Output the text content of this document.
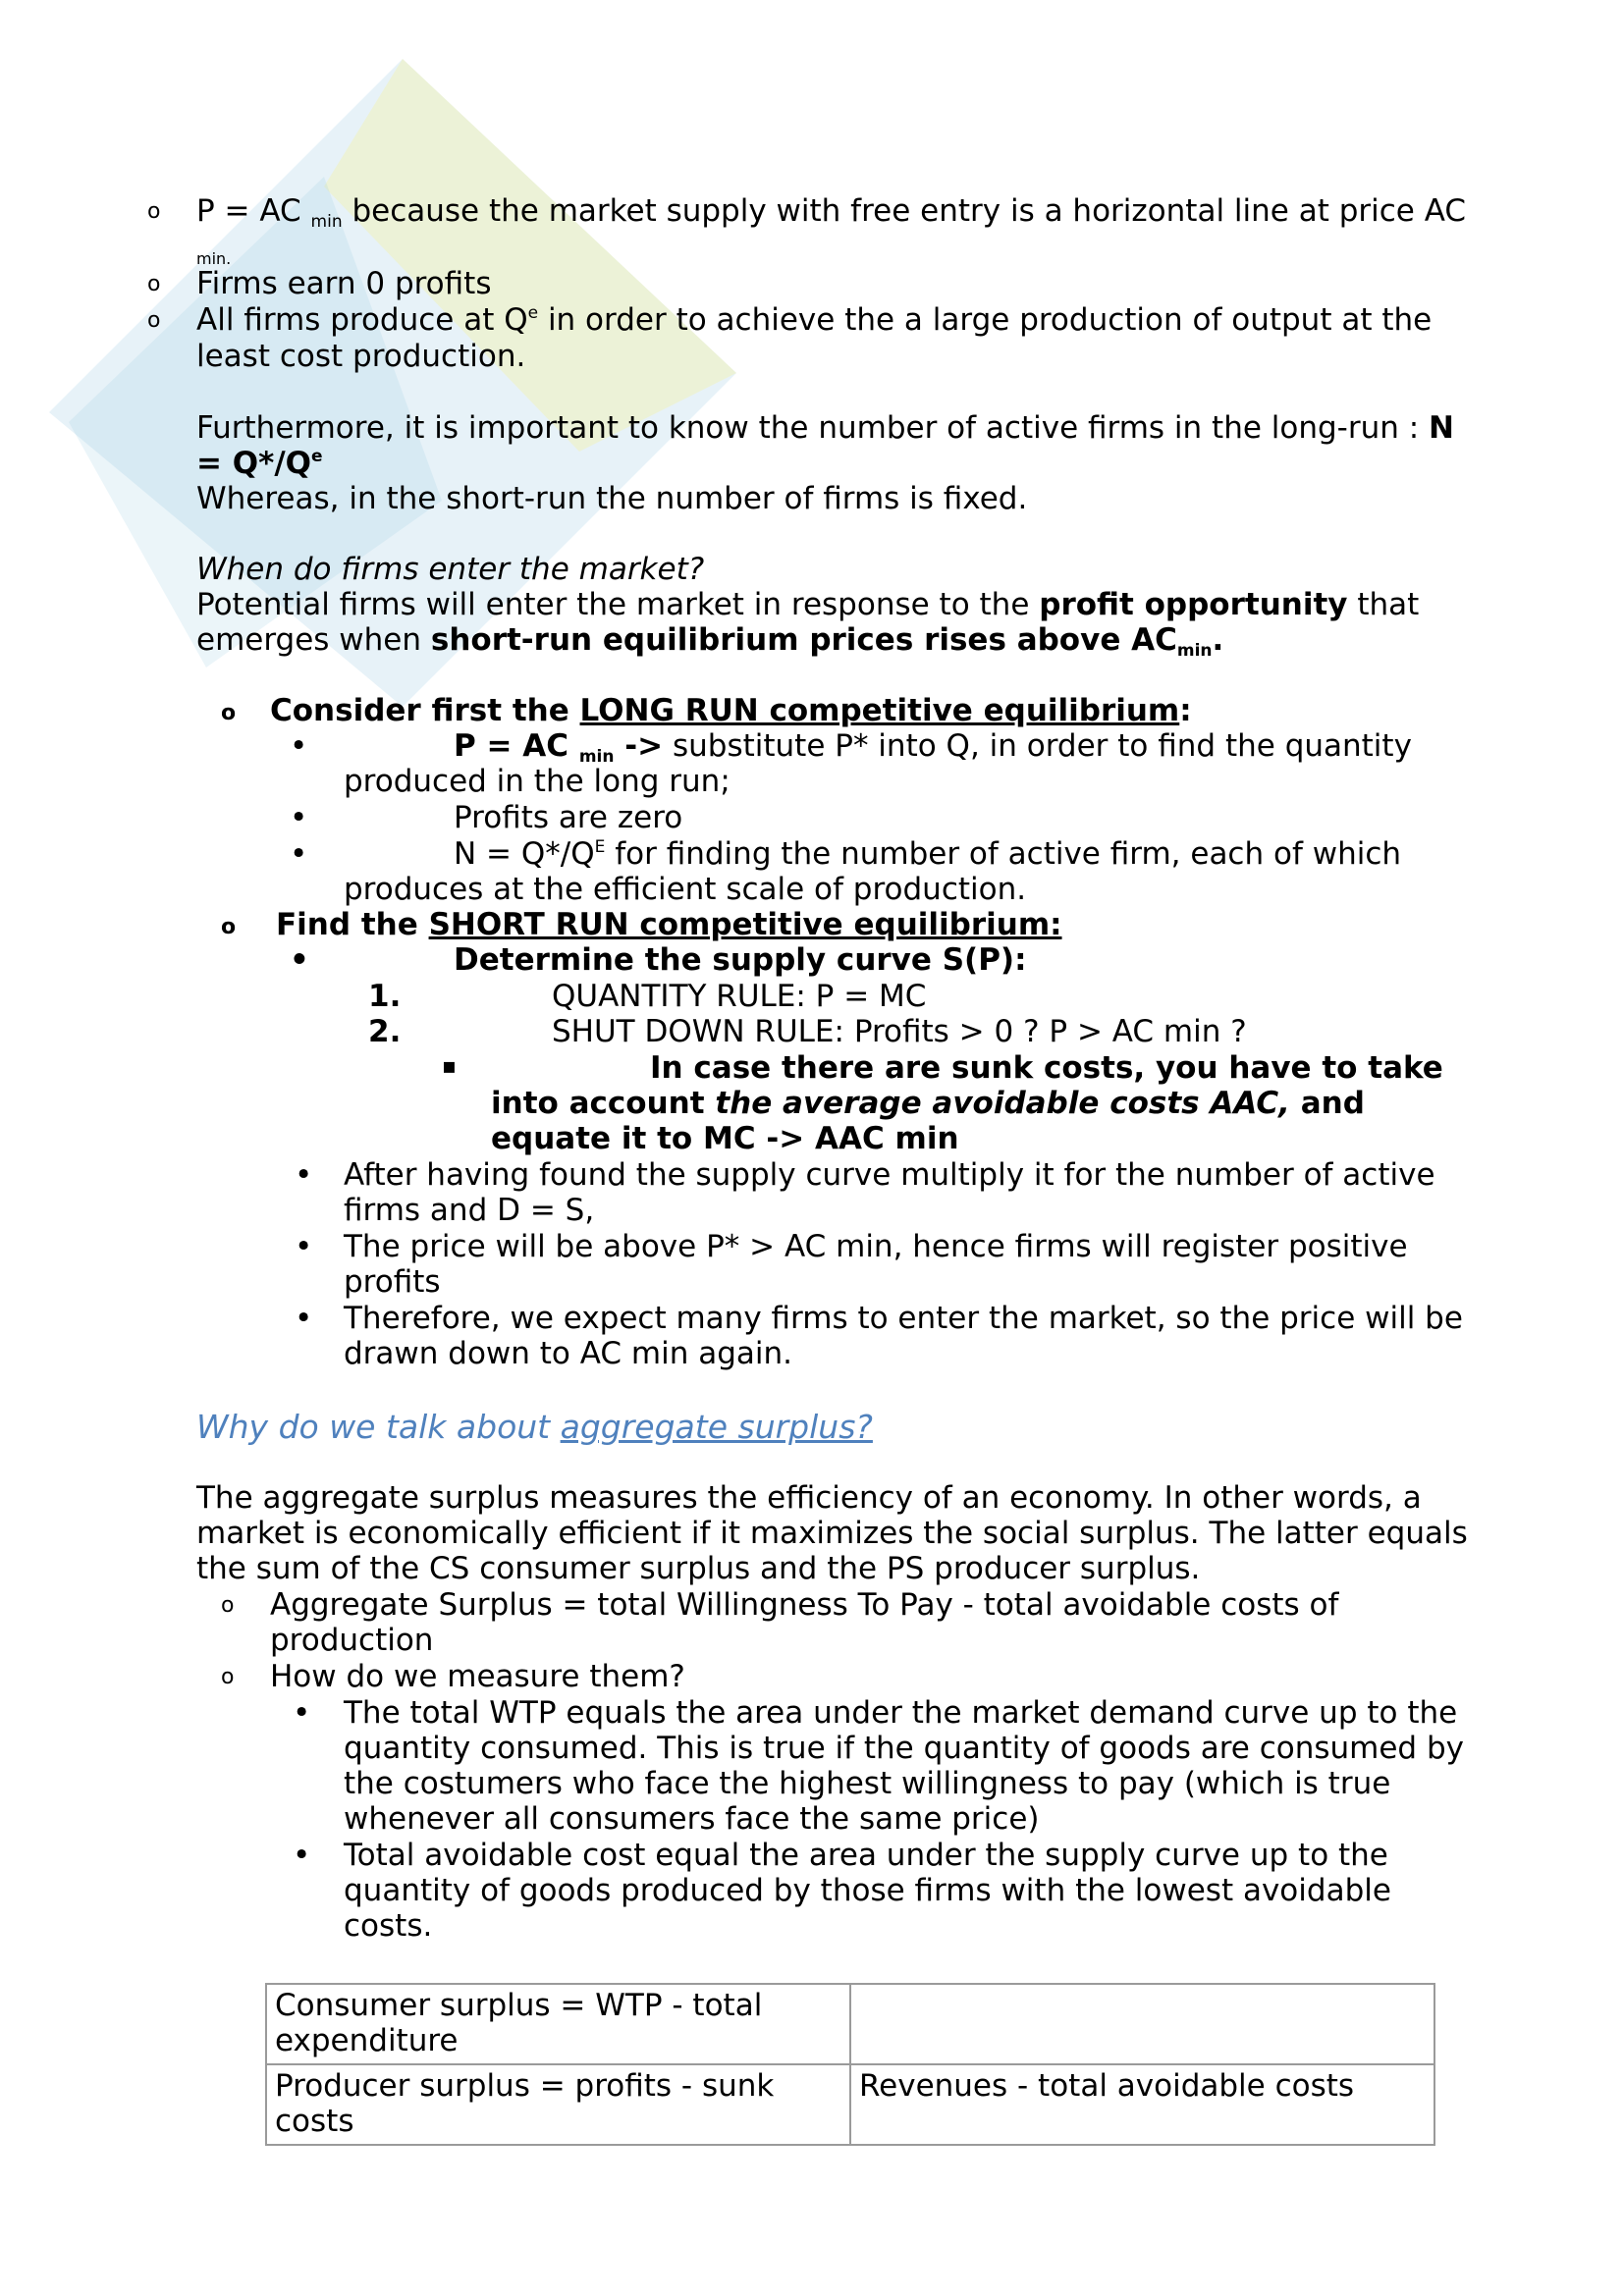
o P = AC $_{min}$ because the market supply with free entry is a horizontal line at price AC
min.
o Firms earn 0 profits
o All firms produce at $Q^e$ in order to achieve the a large production of output at the
least cost production.
Furthermore, it is important to know the number of active firms in the long-run : N
= $Q*/Q^e$
Whereas, in the short-run the number of firms is fixed.
When do firms enter the market?
Potential firms will enter the market in response to the profit opportunity that
emerges when short-run equilibrium prices rises above $AC_{min}$.
o Consider first the LONG RUN competitive equilibrium:
•	P = AC $_{min}$ -> substitute P* into Q, in order to find the quantity
produced in the long run;
•	Profits are zero
•	$N = Q*/Q^E$ for finding the number of active firm, each of which
produces at the efficient scale of production.
o Find the SHORT RUN competitive equilibrium:
•	Determine the supply curve S(P):
1.	QUANTITY RULE: P = MC
2.	SHUT DOWN RULE: Profits > 0 ? P > AC min ?
▪	In case there are sunk costs, you have to take
into account the average avoidable costs AAC, and
equate it to MC -> AAC min
• After having found the supply curve multiply it for the number of active
firms and D = S,
• The price will be above P* > AC min, hence firms will register positive
profits
• Therefore, we expect many firms to enter the market, so the price will be
drawn down to AC min again.
Why do we talk about aggregate surplus?
The aggregate surplus measures the efficiency of an economy. In other words, a
market is economically efficient if it maximizes the social surplus. The latter equals
the sum of the CS consumer surplus and the PS producer surplus.
o Aggregate Surplus = total Willingness To Pay - total avoidable costs of
production
o How do we measure them?
• The total WTP equals the area under the market demand curve up to the
quantity consumed. This is true if the quantity of goods are consumed by
the costumers who face the highest willingness to pay (which is true
whenever all consumers face the same price)
• Total avoidable cost equal the area under the supply curve up to the
quantity of goods produced by those firms with the lowest avoidable
costs.
Consumer surplus = WTP - total expenditure	
Producer surplus = profits - sunk costs	Revenues - total avoidable costs
